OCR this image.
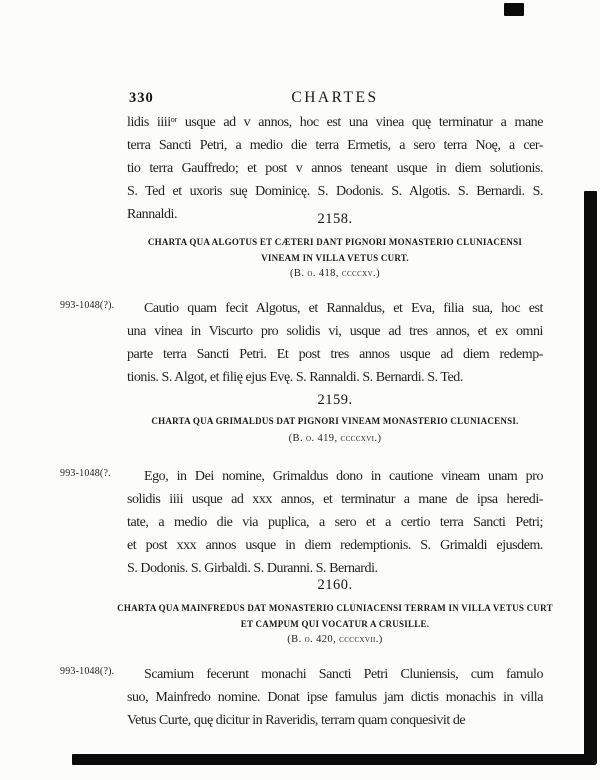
330	CHARTES
lidis iiiiᵒʳ usque ad v annos, hoc est una vinea quę terminatur a mane
terra Sancti Petri, a medio die terra Ermetis, a sero terra Noę, a cer-
tio terra Gauffredo; et post v annos teneant usque in diem solutionis.
S. Ted et uxoris suę Dominicę. S. Dodonis. S. Algotis. S. Bernardi. S.
Rannaldi.	2158.
CHARTA QUA ALGOTUS ET CÆTERI DANT PIGNORI MONASTERIO CLUNIACENSI
VINEAM IN VILLA VETUS CURT.
(B. o. 418, ccccxv.)
993-1048(?).	Cautio quam fecit Algotus, et Rannaldus, et Eva, filia sua, hoc est
una vinea in Viscurto pro solidis vi, usque ad tres annos, et ex omni
parte terra Sancti Petri. Et post tres annos usque ad diem redemp-
tionis. S. Algot, et filię ejus Evę. S. Rannaldi. S. Bernardi. S. Ted.
2159.
CHARTA QUA GRIMALDUS DAT PIGNORI VINEAM MONASTERIO CLUNIACENSI.
(B. o. 419, ccccxvi.)
993-1048(?.	Ego, in Dei nomine, Grimaldus dono in cautione vineam unam pro
solidis iiii usque ad xxx annos, et terminatur a mane de ipsa heredi-
tate, a medio die via puplica, a sero et a certio terra Sancti Petri;
et post xxx annos usque in diem redemptionis. S. Grimaldi ejusdem.
S. Dodonis. S. Girbaldi. S. Duranni. S. Bernardi.
2160.
CHARTA QUA MAINFREDUS DAT MONASTERIO CLUNIACENSI TERRAM IN VILLA VETUS CURT
ET CAMPUM QUI VOCATUR A CRUSILLE.
(B. o. 420, ccccxvii.)
993-1048(?).	Scamium fecerunt monachi Sancti Petri Cluniensis, cum famulo
suo, Mainfredo nomine. Donat ipse famulus jam dictis monachis in villa
Vetus Curte, quę dicitur in Raveridis, terram quam conquesivit de
